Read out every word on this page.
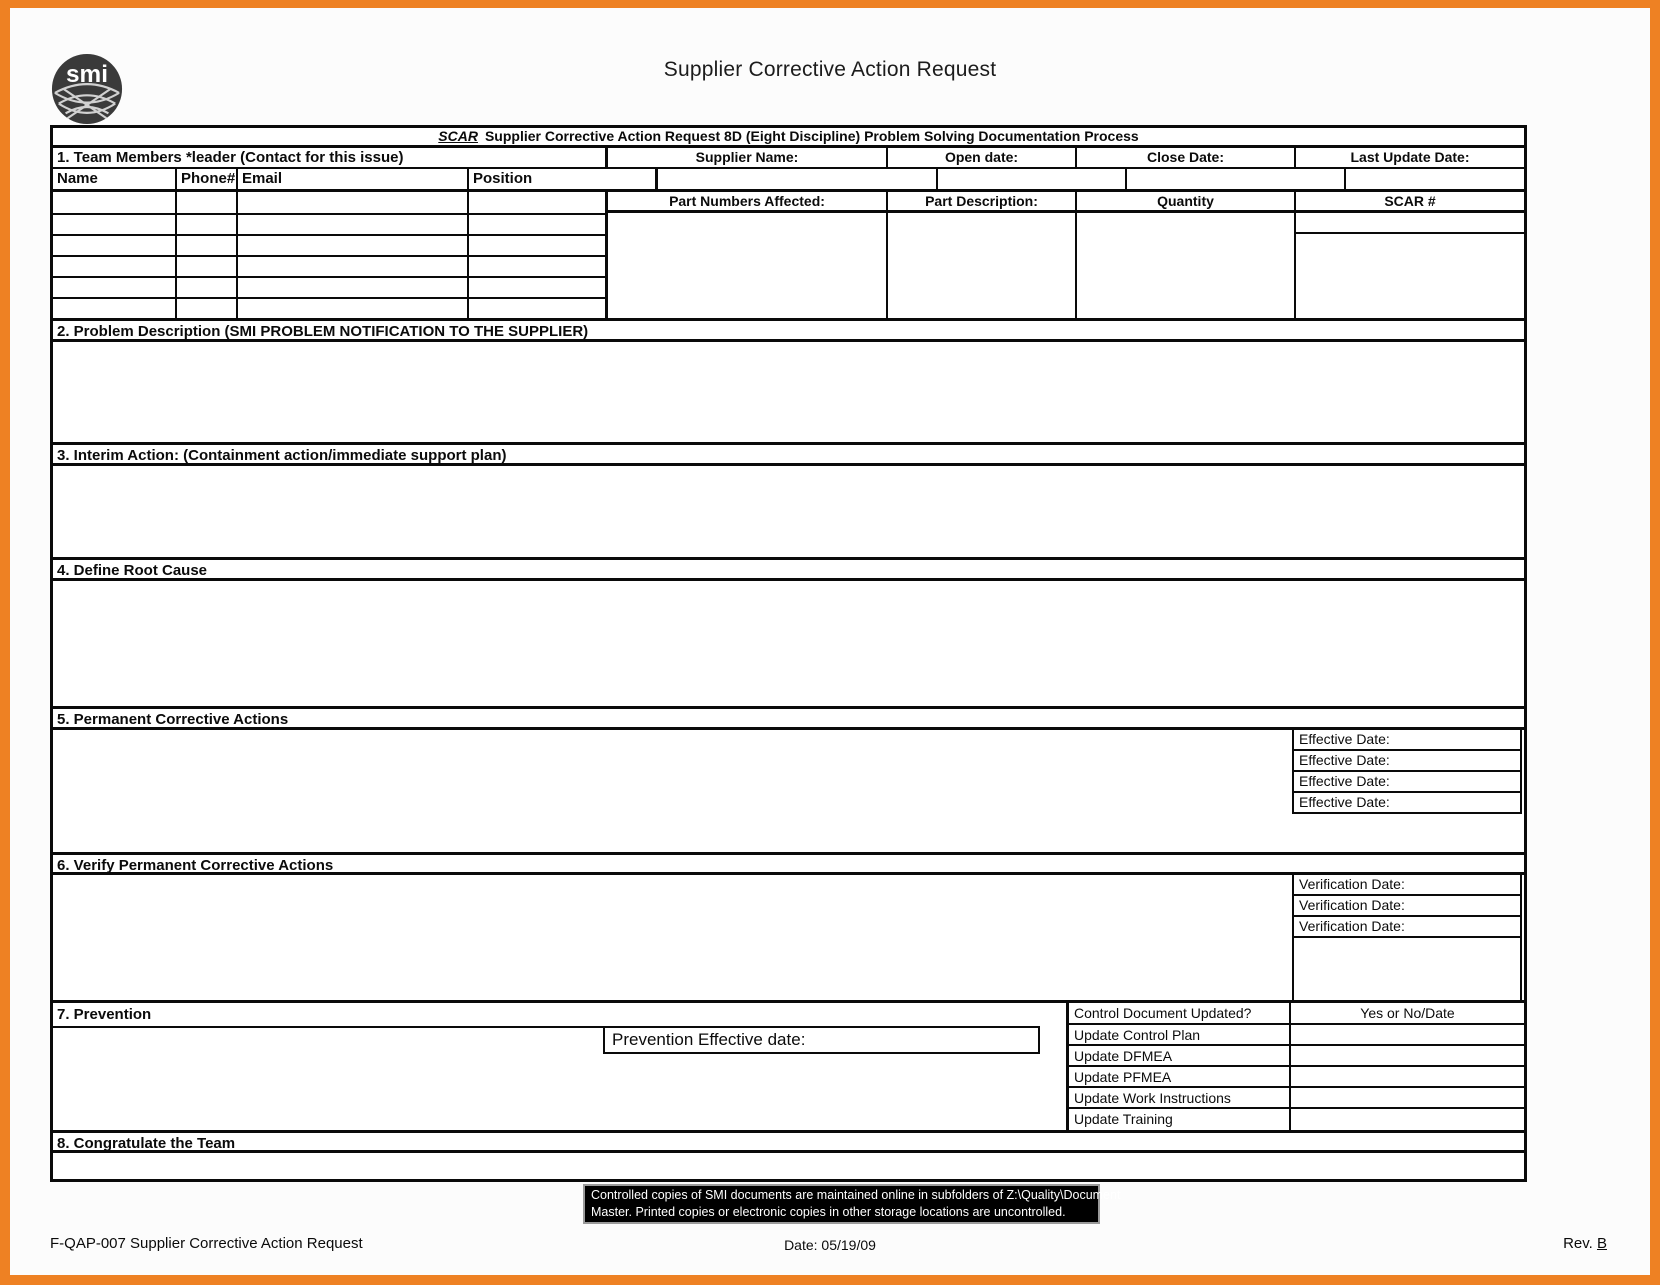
smi	Supplier Corrective Action Request
SCAR Supplier Corrective Action Request 8D (Eight Discipline) Problem Solving Documentation Process
1. Team Members *leader (Contact for this issue)	Supplier Name:	Open date:	Close Date:	Last Update Date:
Name	Phone# Email	Position
Part Numbers Affected:	Part Description:	Quantity	SCAR #
2. Problem Description (SMI PROBLEM NOTIFICATION TO THE SUPPLIER)
3. Interim Action: (Containment action/immediate support plan)
4. Define Root Cause
5. Permanent Corrective Actions
Effective Date:
Effective Date:
Effective Date:
Effective Date:
6. Verify Permanent Corrective Actions
Verification Date:
Verification Date:
Verification Date:
7. Prevention
Prevention Effective date:
Control Document Updated?	Yes or No/Date
Update Control Plan
Update DFMEA
Update PFMEA
Update Work Instructions
Update Training
8. Congratulate the Team
Controlled copies of SMI documents are maintained online in subfolders of Z:\Quality\Document
Master. Printed copies or electronic copies in other storage locations are uncontrolled.
F-QAP-007 Supplier Corrective Action Request	Date: 05/19/09	Rev. B
